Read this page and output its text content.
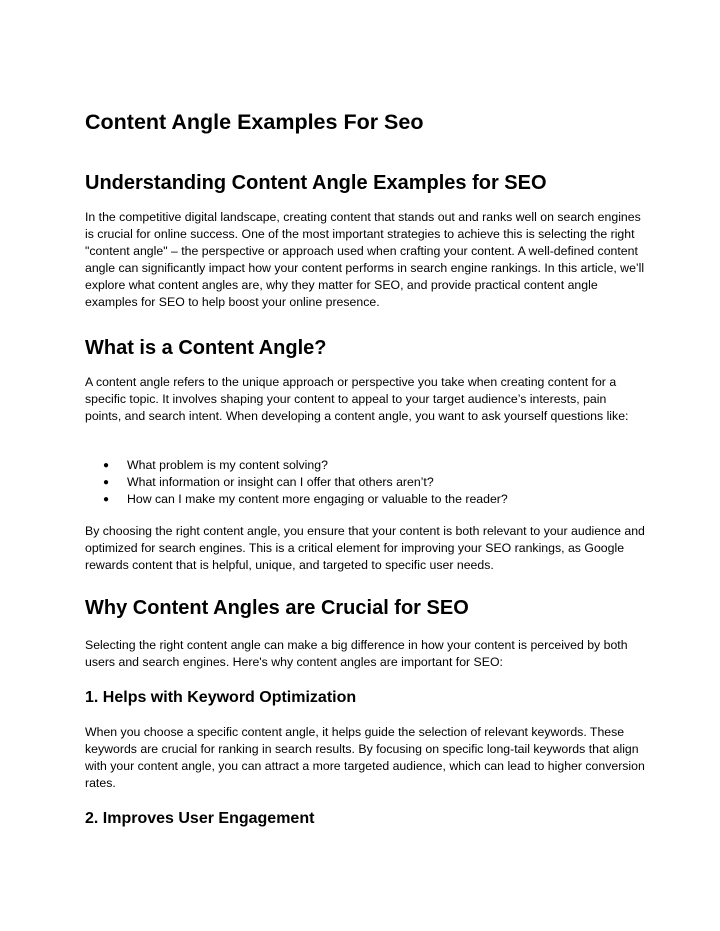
Content Angle Examples For Seo
Understanding Content Angle Examples for SEO

In the competitive digital landscape, creating content that stands out and ranks well on search engines is crucial for online success. One of the most important strategies to achieve this is selecting the right "content angle" – the perspective or approach used when crafting your content. A well-defined content angle can significantly impact how your content performs in search engine rankings. In this article, we’ll explore what content angles are, why they matter for SEO, and provide practical content angle examples for SEO to help boost your online presence.

What is a Content Angle?

A content angle refers to the unique approach or perspective you take when creating content for a specific topic. It involves shaping your content to appeal to your target audience’s interests, pain points, and search intent. When developing a content angle, you want to ask yourself questions like:

● What problem is my content solving?
● What information or insight can I offer that others aren’t?
● How can I make my content more engaging or valuable to the reader?

By choosing the right content angle, you ensure that your content is both relevant to your audience and optimized for search engines. This is a critical element for improving your SEO rankings, as Google rewards content that is helpful, unique, and targeted to specific user needs.

Why Content Angles are Crucial for SEO

Selecting the right content angle can make a big difference in how your content is perceived by both users and search engines. Here's why content angles are important for SEO:

1. Helps with Keyword Optimization

When you choose a specific content angle, it helps guide the selection of relevant keywords. These keywords are crucial for ranking in search results. By focusing on specific long-tail keywords that align with your content angle, you can attract a more targeted audience, which can lead to higher conversion rates.

2. Improves User Engagement
